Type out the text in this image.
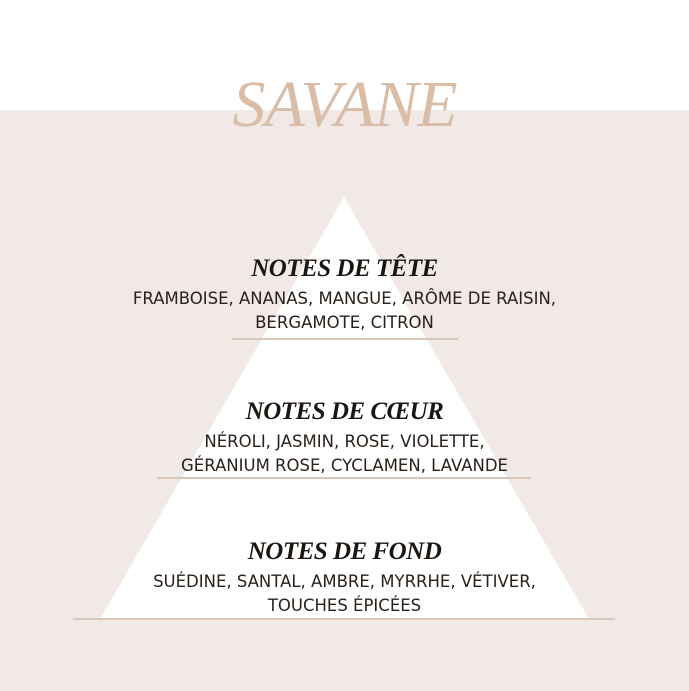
SAVANE
NOTES DE TÊTE
FRAMBOISE, ANANAS, MANGUE, ARÔME DE RAISIN,
BERGAMOTE, CITRON
NOTES DE CŒUR
NÉROLI, JASMIN, ROSE, VIOLETTE,
GÉRANIUM ROSE, CYCLAMEN, LAVANDE
NOTES DE FOND
SUÉDINE, SANTAL, AMBRE, MYRRHE, VÉTIVER,
TOUCHES ÉPICÉES
